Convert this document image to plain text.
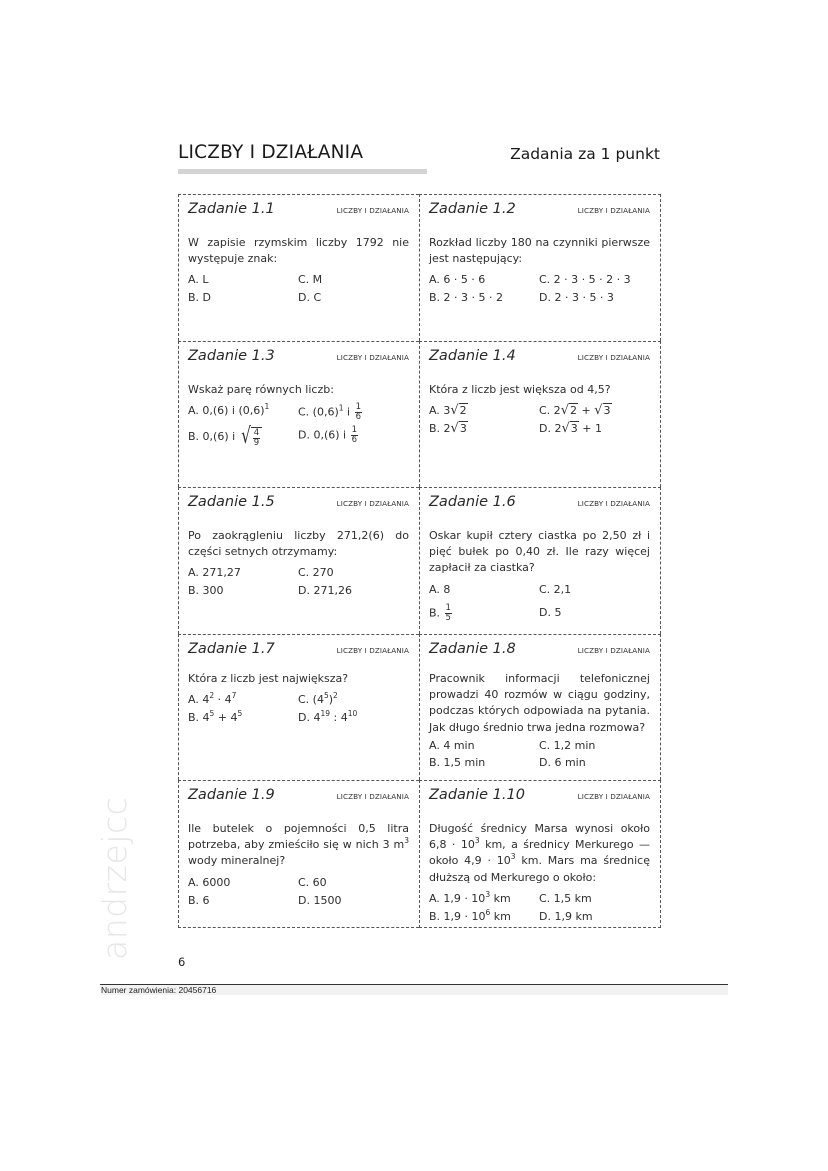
LICZBY I DZIAŁANIA	Zadania za 1 punkt
Zadanie 1.1	LICZBY I DZIAŁANIA
W zapisie rzymskim liczby 1792 nie występuje znak:
A. L	C. M
B. D	D. C
Zadanie 1.2	LICZBY I DZIAŁANIA
Rozkład liczby 180 na czynniki pierwsze jest następujący:
A. 6 · 5 · 6	C. 2 · 3 · 5 · 2 · 3
B. 2 · 3 · 5 · 2	D. 2 · 3 · 5 · 3
Zadanie 1.3	LICZBY I DZIAŁANIA
Wskaż parę równych liczb:
A. 0,(6) i $(0,6)^1$	C. $(0,6)^1$ i $\frac{1}{6}$
B. 0,(6) i √ $\frac{4}{9}$	D. 0,(6) i $\frac{1}{6}$
Zadanie 1.4	LICZBY I DZIAŁANIA
Która z liczb jest większa od 4,5?
A. 3√2	C. 2√2 + √3
B. 2√3	D. 2√3 + 1
Zadanie 1.5	LICZBY I DZIAŁANIA
Po zaokrągleniu liczby 271,2(6) do części setnych otrzymamy:
A. 271,27	C. 270
B. 300	D. 271,26
Zadanie 1.6	LICZBY I DZIAŁANIA
Oskar kupił cztery ciastka po 2,50 zł i pięć bułek po 0,40 zł. Ile razy więcej zapłacił za ciastka?
A. 8	C. 2,1
B. $\frac{1}{5}$	D. 5
Zadanie 1.7	LICZBY I DZIAŁANIA
Która z liczb jest największa?
A. $4^2 \cdot 4^7$	C. $(4^5)^2$
B. $4^5 + 4^5$	D. $4^{19}$ : $4^{10}$
Zadanie 1.8	LICZBY I DZIAŁANIA
Pracownik informacji telefonicznej prowadzi 40 rozmów w ciągu godziny, podczas których odpowiada na pytania. Jak długo średnio trwa jedna rozmowa?
A. 4 min	C. 1,2 min
B. 1,5 min	D. 6 min
Zadanie 1.9	LICZBY I DZIAŁANIA
Ile butelek o pojemności 0,5 litra potrzeba, aby zmieściło się w nich 3 $m^3$ wody mineralnej?
A. 6000	C. 60
B. 6	D. 1500
Zadanie 1.10	LICZBY I DZIAŁANIA
Długość średnicy Marsa wynosi około $6,8 \cdot 10^3$ km, a średnicy Merkurego — około $4,9 \cdot 10^3$ km. Mars ma średnicę dłuższą od Merkurego o około:
A. $1,9 \cdot 10^3$ km	C. 1,5 km
B. $1,9 \cdot 10^6$ km	D. 1,9 km
andrzejcc
6
Numer zamówienia: 20456716
